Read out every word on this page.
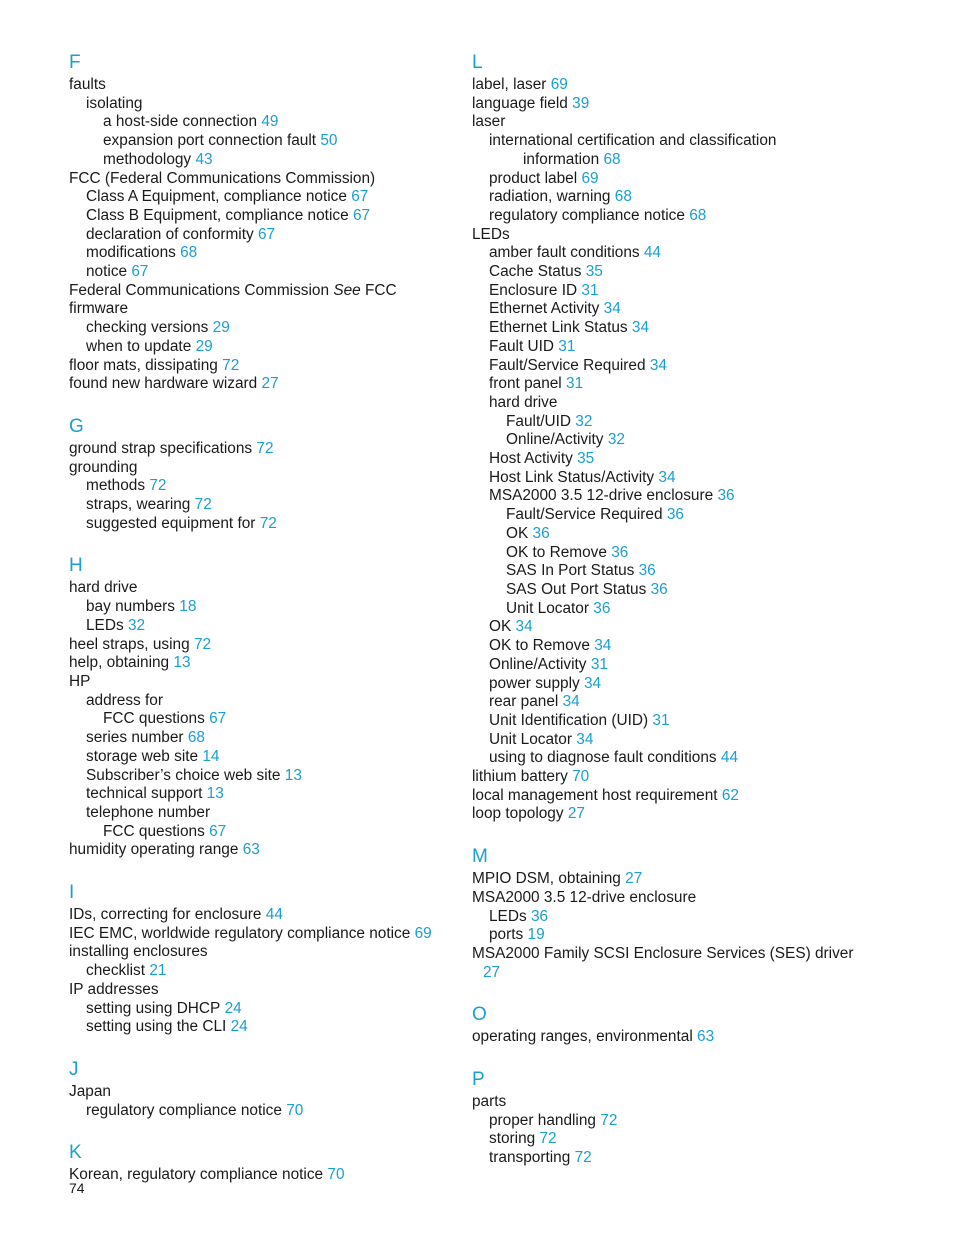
F
faults
isolating
a host-side connection 49
expansion port connection fault 50
methodology 43
FCC (Federal Communications Commission)
Class A Equipment, compliance notice 67
Class B Equipment, compliance notice 67
declaration of conformity 67
modifications 68
notice 67
Federal Communications Commission See FCC
firmware
checking versions 29
when to update 29
floor mats, dissipating 72
found new hardware wizard 27
G
ground strap specifications 72
grounding
methods 72
straps, wearing 72
suggested equipment for 72
H
hard drive
bay numbers 18
LEDs 32
heel straps, using 72
help, obtaining 13
HP
address for
FCC questions 67
series number 68
storage web site 14
Subscriber’s choice web site 13
technical support 13
telephone number
FCC questions 67
humidity operating range 63
I
IDs, correcting for enclosure 44
IEC EMC, worldwide regulatory compliance notice 69
installing enclosures
checklist 21
IP addresses
setting using DHCP 24
setting using the CLI 24
J
Japan
regulatory compliance notice 70
K
Korean, regulatory compliance notice 70
L
label, laser 69
language field 39
laser
international certification and classification
information 68
product label 69
radiation, warning 68
regulatory compliance notice 68
LEDs
amber fault conditions 44
Cache Status 35
Enclosure ID 31
Ethernet Activity 34
Ethernet Link Status 34
Fault UID 31
Fault/Service Required 34
front panel 31
hard drive
Fault/UID 32
Online/Activity 32
Host Activity 35
Host Link Status/Activity 34
MSA2000 3.5 12-drive enclosure 36
Fault/Service Required 36
OK 36
OK to Remove 36
SAS In Port Status 36
SAS Out Port Status 36
Unit Locator 36
OK 34
OK to Remove 34
Online/Activity 31
power supply 34
rear panel 34
Unit Identification (UID) 31
Unit Locator 34
using to diagnose fault conditions 44
lithium battery 70
local management host requirement 62
loop topology 27
M
MPIO DSM, obtaining 27
MSA2000 3.5 12-drive enclosure
LEDs 36
ports 19
MSA2000 Family SCSI Enclosure Services (SES) driver
27
O
operating ranges, environmental 63
P
parts
proper handling 72
storing 72
transporting 72
74
